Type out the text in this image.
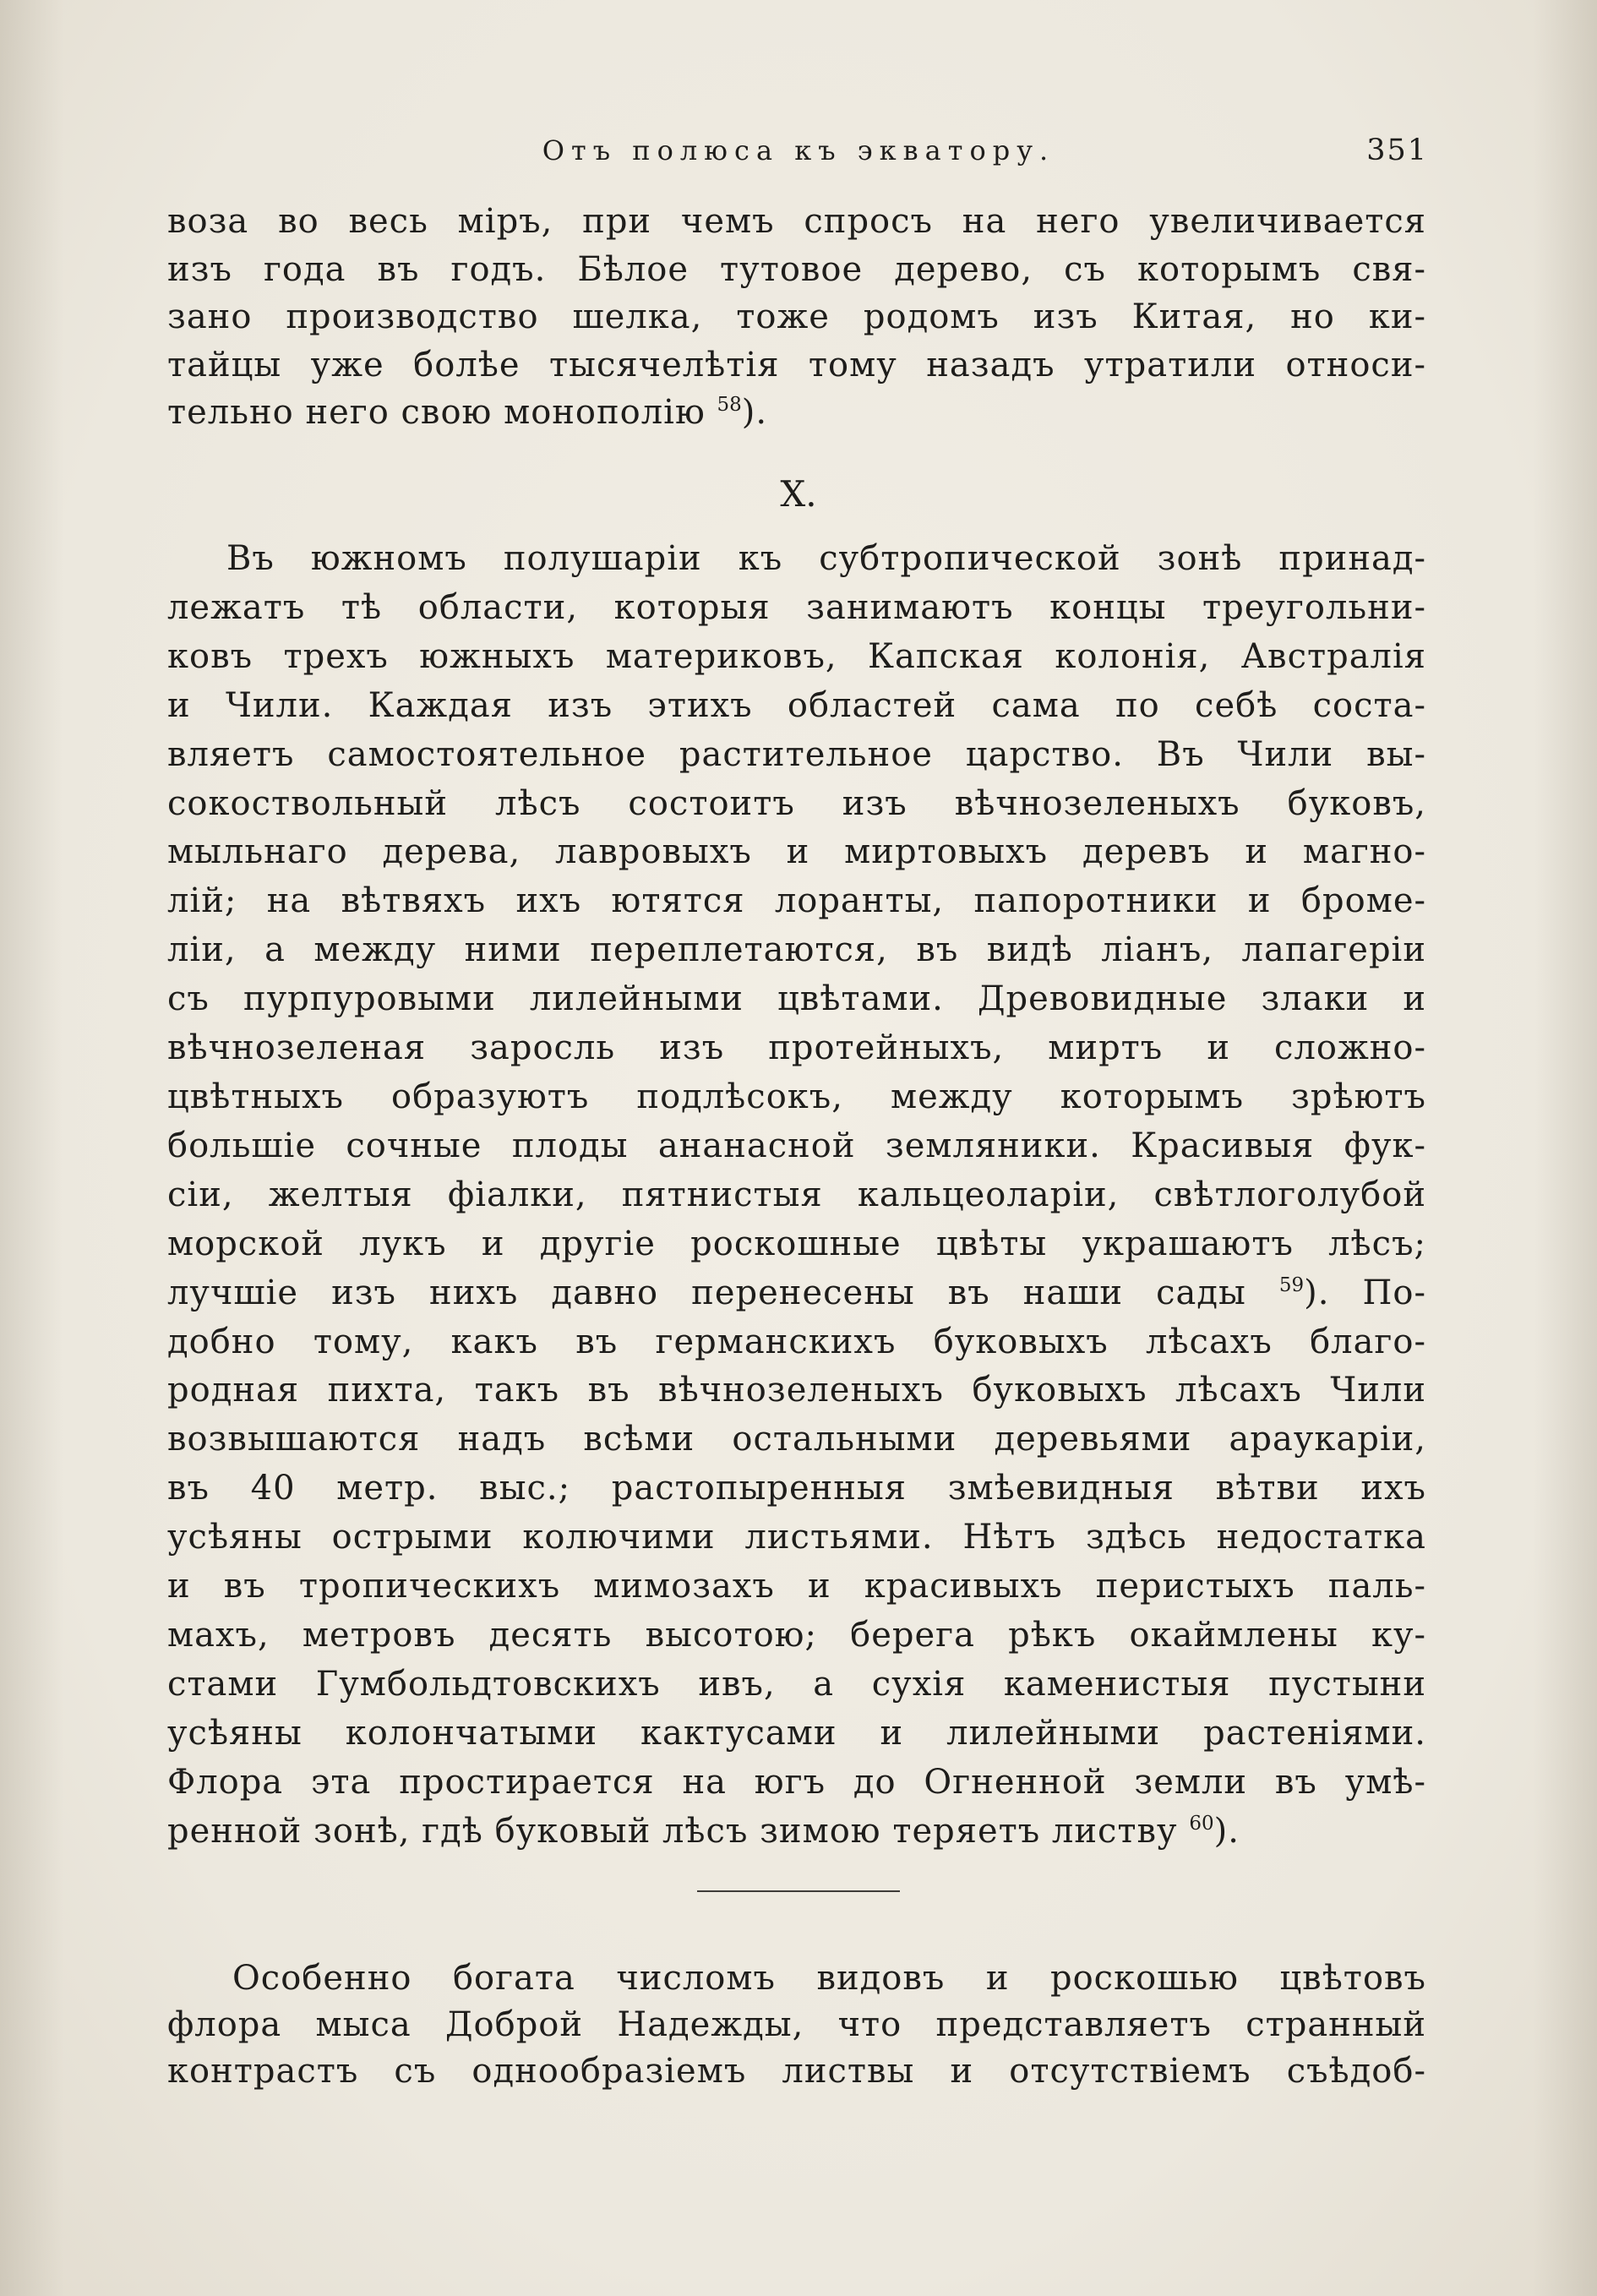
Отъ полюса къ экватору.	351
воза во весь міръ, при чемъ спросъ на него увеличивается
изъ года въ годъ. Бѣлое тутовое дерево, съ которымъ свя-
зано производство шелка, тоже родомъ изъ Китая, но ки-
тайцы уже болѣе тысячелѣтія тому назадъ утратили относи-
тельно него свою монополію $^{58}$).
X.
Въ южномъ полушаріи къ субтропической зонѣ принад-
лежатъ тѣ области, которыя занимаютъ концы треугольни-
ковъ трехъ южныхъ материковъ, Капская колонія, Австралія
и Чили. Каждая изъ этихъ областей сама по себѣ соста-
вляетъ самостоятельное растительное царство. Въ Чили вы-
сокоствольный лѣсъ состоитъ изъ вѣчнозеленыхъ буковъ,
мыльнаго дерева, лавровыхъ и миртовыхъ деревъ и магно-
лій; на вѣтвяхъ ихъ ютятся лоранты, папоротники и броме-
ліи, а между ними переплетаются, въ видѣ ліанъ, лапагеріи
съ пурпуровыми лилейными цвѣтами. Древовидные злаки и
вѣчнозеленая заросль изъ протейныхъ, миртъ и сложно-
цвѣтныхъ образуютъ подлѣсокъ, между которымъ зрѣютъ
большіе сочные плоды ананасной земляники. Красивыя фук-
сіи, желтыя фіалки, пятнистыя кальцеоларіи, свѣтлоголубой
морской лукъ и другіе роскошные цвѣты украшаютъ лѣсъ;
лучшіе изъ нихъ давно перенесены въ наши сады $^{59}$). По-
добно тому, какъ въ германскихъ буковыхъ лѣсахъ благо-
родная пихта, такъ въ вѣчнозеленыхъ буковыхъ лѣсахъ Чили
возвышаются надъ всѣми остальными деревьями араукаріи,
въ 40 метр. выс.; растопыренныя змѣевидныя вѣтви ихъ
усѣяны острыми колючими листьями. Нѣтъ здѣсь недостатка
и въ тропическихъ мимозахъ и красивыхъ перистыхъ паль-
махъ, метровъ десять высотою; берега рѣкъ окаймлены ку-
стами Гумбольдтовскихъ ивъ, а сухія каменистыя пустыни
усѣяны колончатыми кактусами и лилейными растеніями.
Флора эта простирается на югъ до Огненной земли въ умѣ-
ренной зонѣ, гдѣ буковый лѣсъ зимою теряетъ листву $^{60}$).
Особенно богата числомъ видовъ и роскошью цвѣтовъ
флора мыса Доброй Надежды, что представляетъ странный
контрастъ съ однообразіемъ листвы и отсутствіемъ съѣдоб-
